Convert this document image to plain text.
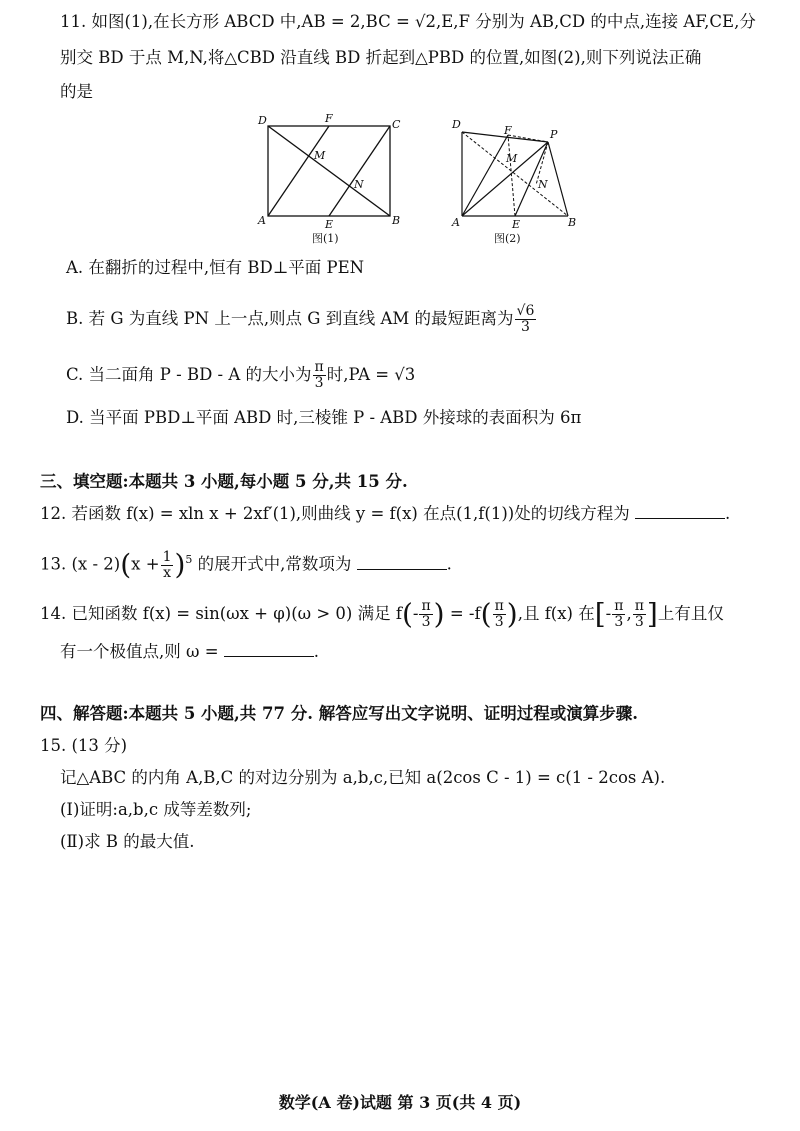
11. 如图(1),在长方形 ABCD 中,AB = 2,BC = √2,E,F 分别为 AB,CD 的中点,连接 AF,CE,分
别交 BD 于点 M,N,将△CBD 沿直线 BD 折起到△PBD 的位置,如图(2),则下列说法正确
的是
D	C
A	B
F
E
M
N
图(1)
D
P
A	B
F
E
M
N
图(2)
A. 在翻折的过程中,恒有 BD⊥平面 PEN
B. 若 G 为直线 PN 上一点,则点 G 到直线 AM 的最短距离为 $\frac{√6}{3}$
C. 当二面角 P - BD - A 的大小为 $\frac{\pi}{3}$ 时,PA = √3
D. 当平面 PBD⊥平面 ABD 时,三棱锥 P - ABD 外接球的表面积为 6π
三、填空题:本题共 3 小题,每小题 5 分,共 15 分.
12. 若函数 f(x) = xln x + 2xf′(1),则曲线 y = f(x) 在点(1,f(1))处的切线方程为	.
13. $(x - 2)(x + \frac{1}{x} )^5$ 的展开式中,常数项为	.
14. 已知函数 f(x) = sin(ωx + φ)(ω > 0) 满足 $f(- \frac{\pi}{3}$ ) = $-f( \frac{\pi}{3}$ ),且 f(x) 在[- $\frac{\pi}{3}$ , $\frac{\pi}{3}$ ]上有且仅
有一个极值点,则 ω =	.
四、解答题:本题共 5 小题,共 77 分. 解答应写出文字说明、证明过程或演算步骤.
15. (13 分)
记△ABC 的内角 A,B,C 的对边分别为 a,b,c,已知 a(2cos C - 1) = c(1 - 2cos A).
(Ⅰ)证明:a,b,c 成等差数列;
(Ⅱ)求 B 的最大值.
数学(A 卷)试题 第 3 页(共 4 页)
